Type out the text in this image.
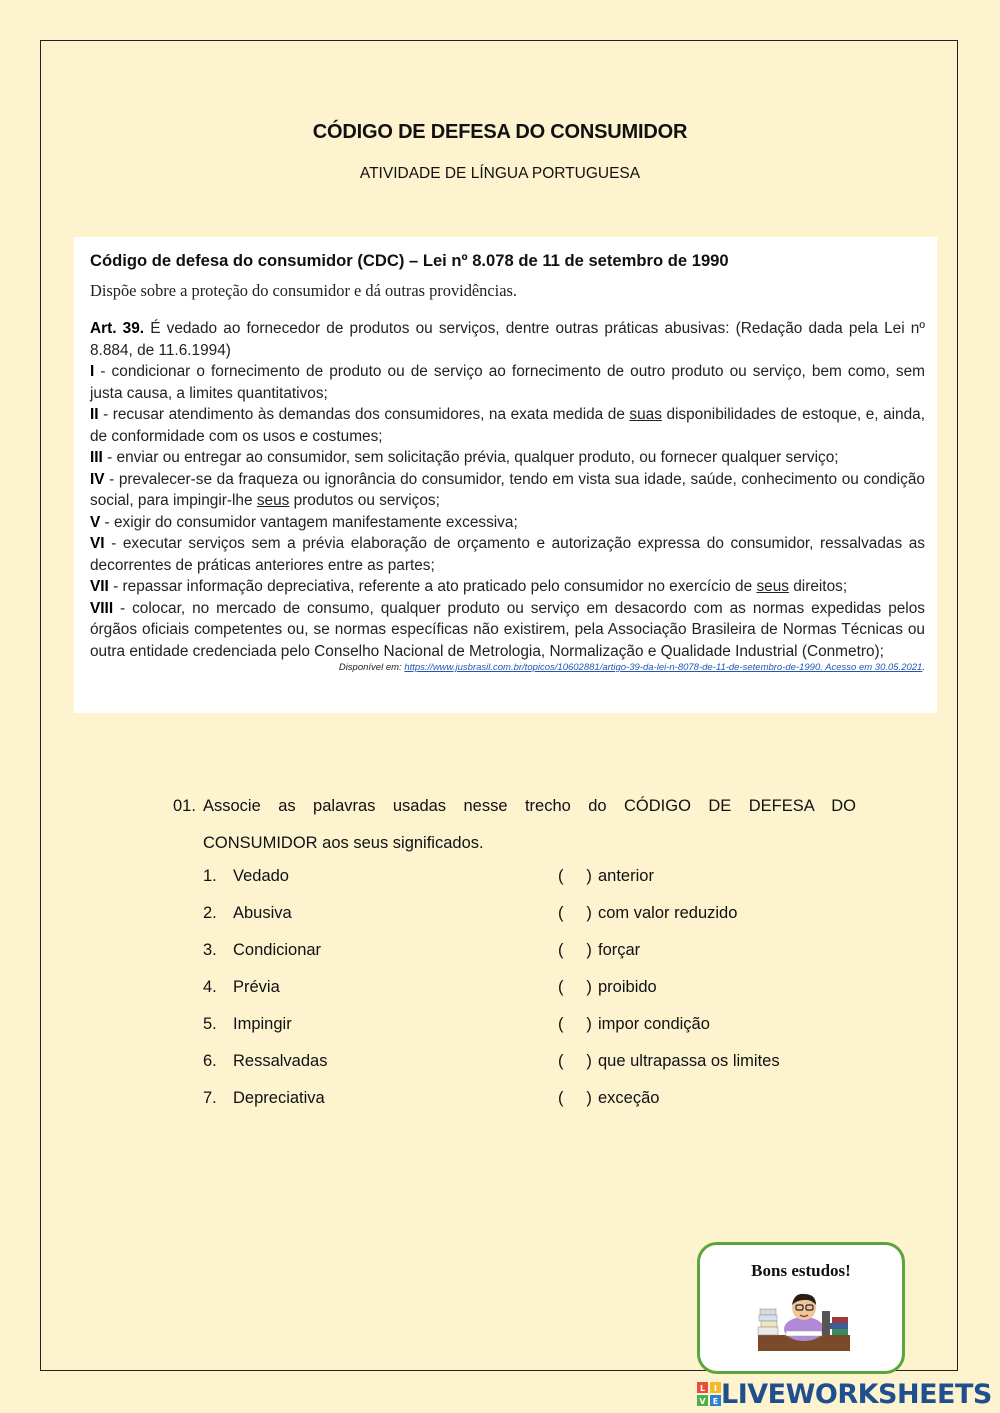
CÓDIGO DE DEFESA DO CONSUMIDOR
ATIVIDADE DE LÍNGUA PORTUGUESA
Código de defesa do consumidor (CDC) – Lei nº 8.078 de 11 de setembro de 1990
Dispõe sobre a proteção do consumidor e dá outras providências.

Art. 39. É vedado ao fornecedor de produtos ou serviços, dentre outras práticas abusivas: (Redação dada pela Lei nº 8.884, de 11.6.1994)

I - condicionar o fornecimento de produto ou de serviço ao fornecimento de outro produto ou serviço, bem como, sem justa causa, a limites quantitativos;

II - recusar atendimento às demandas dos consumidores, na exata medida de suas disponibilidades de estoque, e, ainda, de conformidade com os usos e costumes;

III - enviar ou entregar ao consumidor, sem solicitação prévia, qualquer produto, ou fornecer qualquer serviço;

IV - prevalecer-se da fraqueza ou ignorância do consumidor, tendo em vista sua idade, saúde, conhecimento ou condição social, para impingir-lhe seus produtos ou serviços;

V - exigir do consumidor vantagem manifestamente excessiva;

VI - executar serviços sem a prévia elaboração de orçamento e autorização expressa do consumidor, ressalvadas as decorrentes de práticas anteriores entre as partes;

VII - repassar informação depreciativa, referente a ato praticado pelo consumidor no exercício de seus direitos;

VIII - colocar, no mercado de consumo, qualquer produto ou serviço em desacordo com as normas expedidas pelos órgãos oficiais competentes ou, se normas específicas não existirem, pela Associação Brasileira de Normas Técnicas ou outra entidade credenciada pelo Conselho Nacional de Metrologia, Normalização e Qualidade Industrial (Conmetro);

Disponível em: https://www.jusbrasil.com.br/topicos/10602881/artigo-39-da-lei-n-8078-de-11-de-setembro-de-1990. Acesso em 30.05.2021.
01. Associe as palavras usadas nesse trecho do CÓDIGO DE DEFESA DO
CONSUMIDOR aos seus significados.
1. Vedado	(     ) anterior
2. Abusiva	(     ) com valor reduzido
3. Condicionar	(     ) forçar
4. Prévia	(     ) proibido
5. Impingir	(     ) impor condição
6. Ressalvadas	(     ) que ultrapassa os limites
7. Depreciativa	(     ) exceção
Bons estudos!
L I
V E LIVEWORKSHEETS
